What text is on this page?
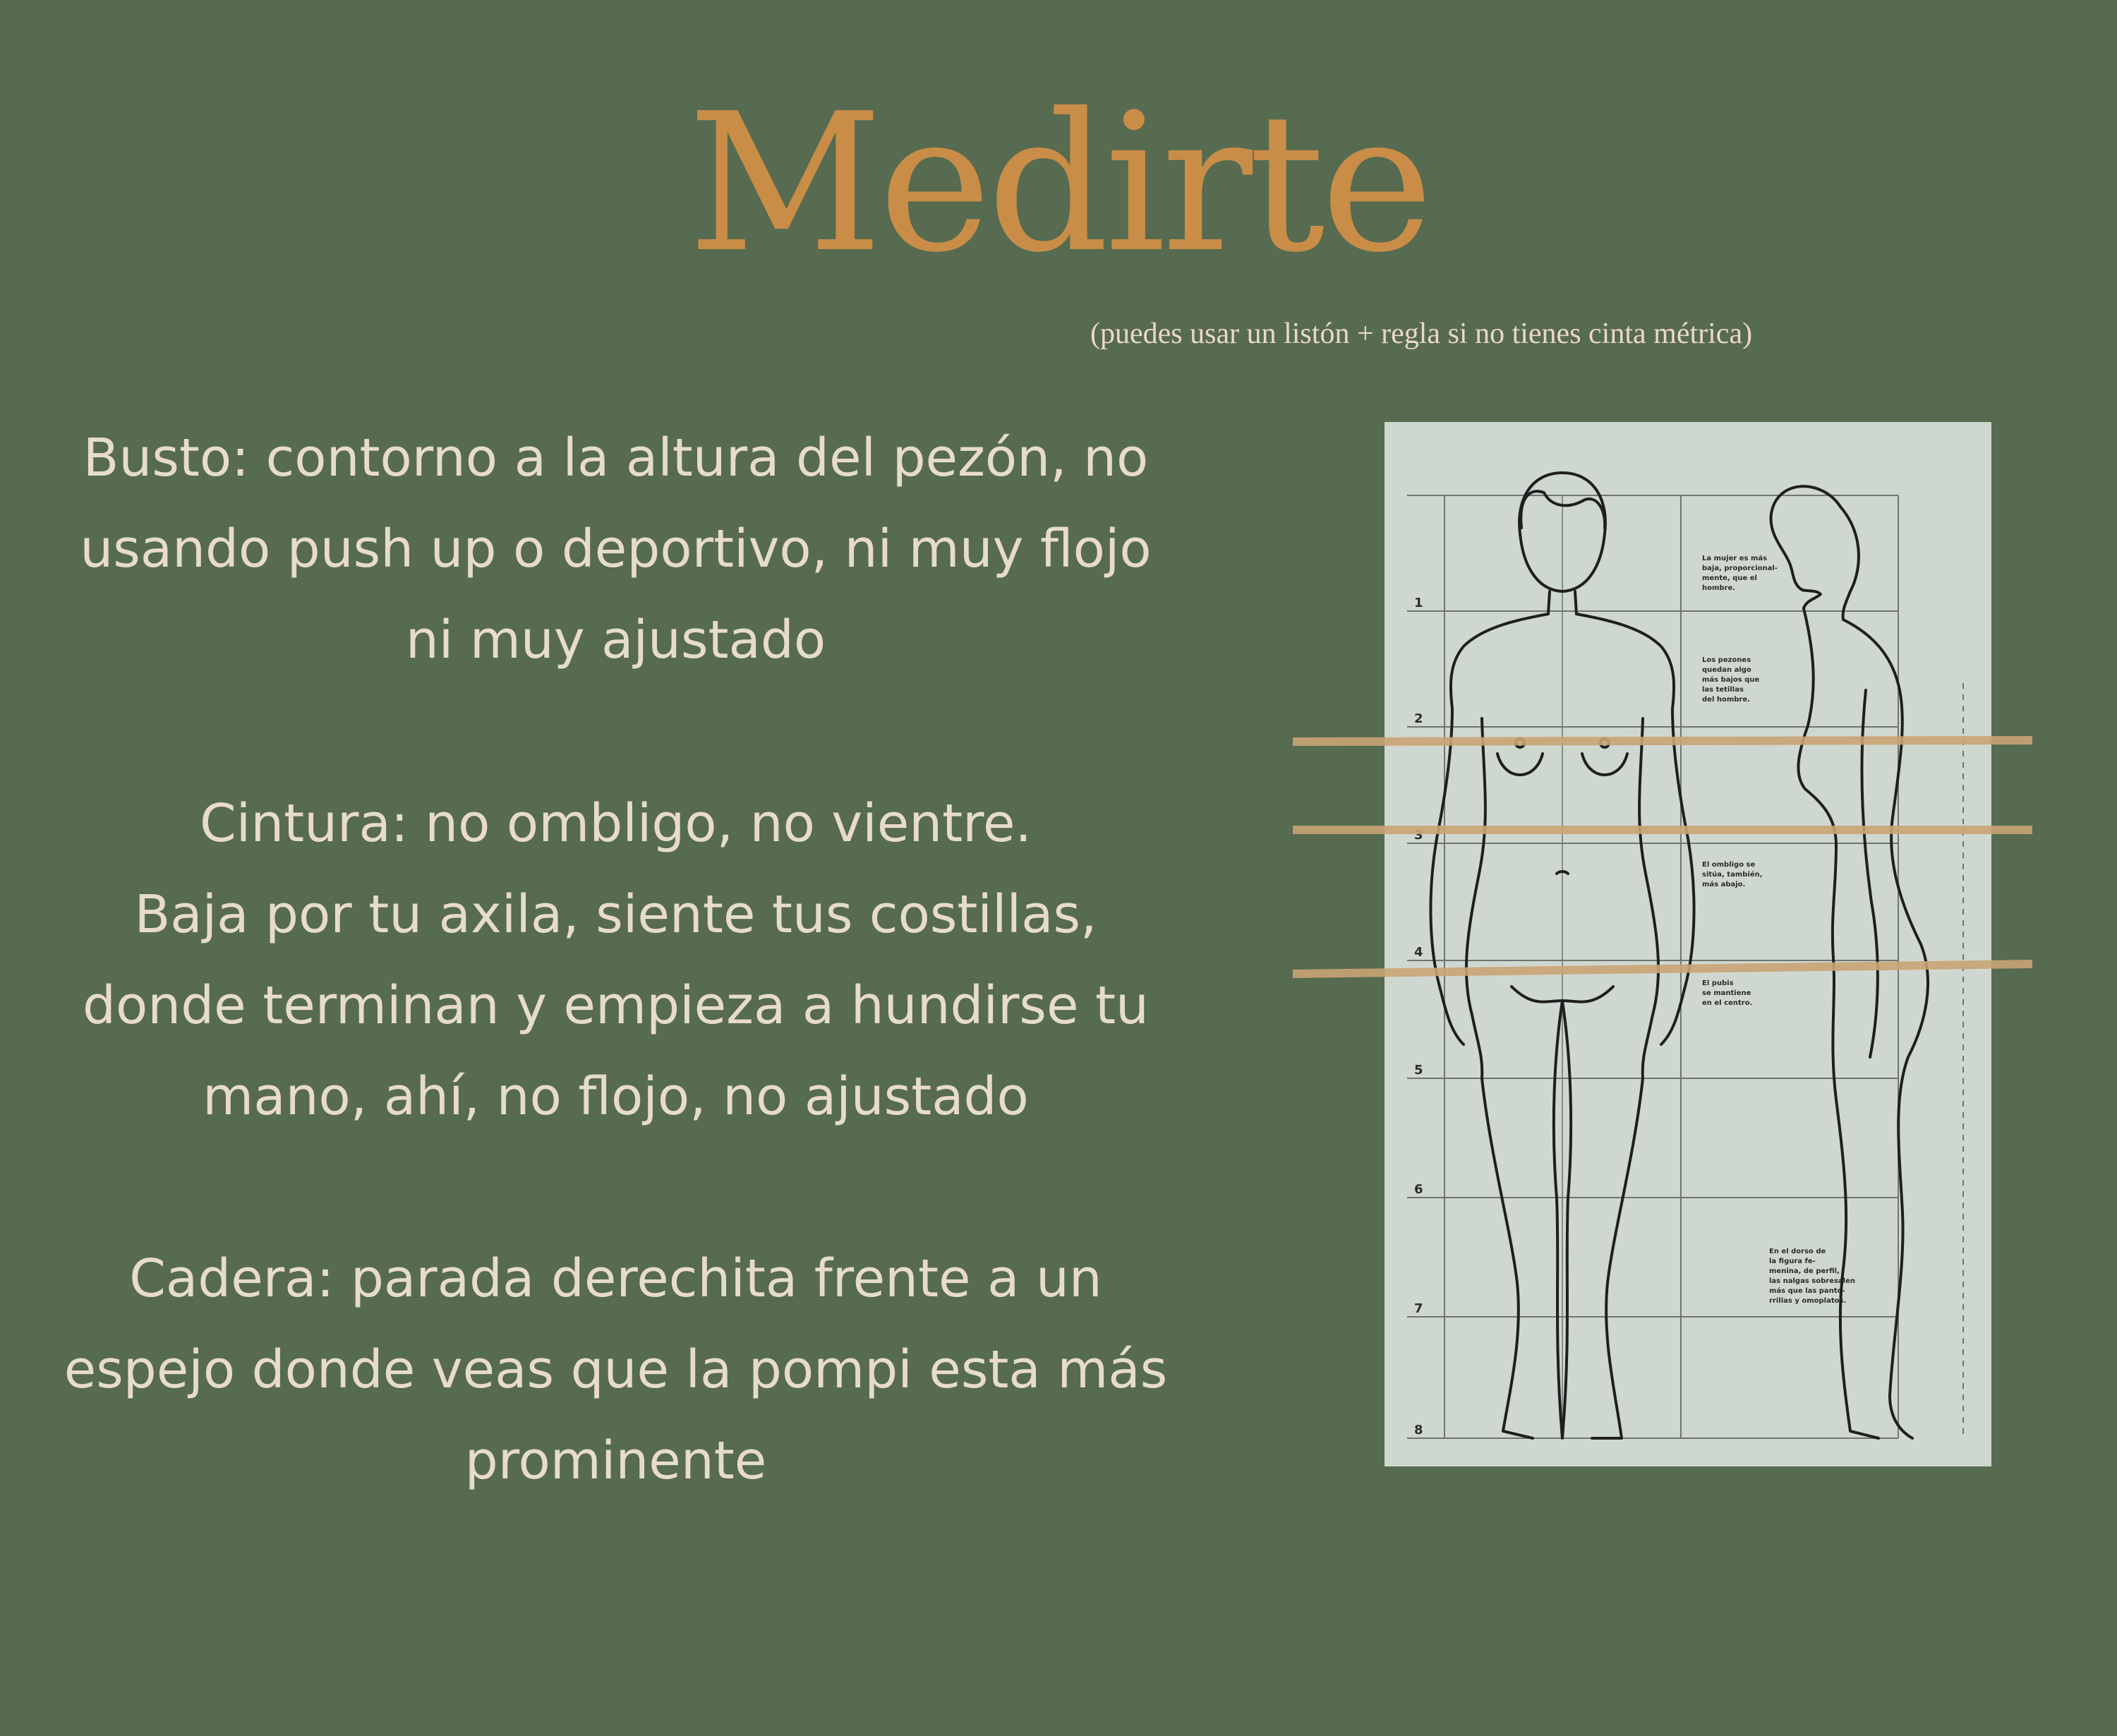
Medirte
(puedes usar un listón + regla si no tienes cinta métrica)
Busto: contorno a la altura del pezón, no
usando push up o deportivo, ni muy flojo
ni muy ajustado
Cintura: no ombligo, no vientre.
Baja por tu axila, siente tus costillas,
donde terminan y empieza a hundirse tu
mano, ahí, no flojo, no ajustado
Cadera: parada derechita frente a un
espejo donde veas que la pompi esta más
prominente
1
2
3
4
5
6
7
8
La mujer es más baja, proporcional- mente, que el hombre.
Los pezones quedan algo más bajos que las tetillas del hombre.
El ombligo se sitúa, también, más abajo.
El pubis se mantiene en el centro.
En el dorso de la figura fe- menina, de perfil, las nalgas sobresalen más que las panto- rrillas y omoplatos.
